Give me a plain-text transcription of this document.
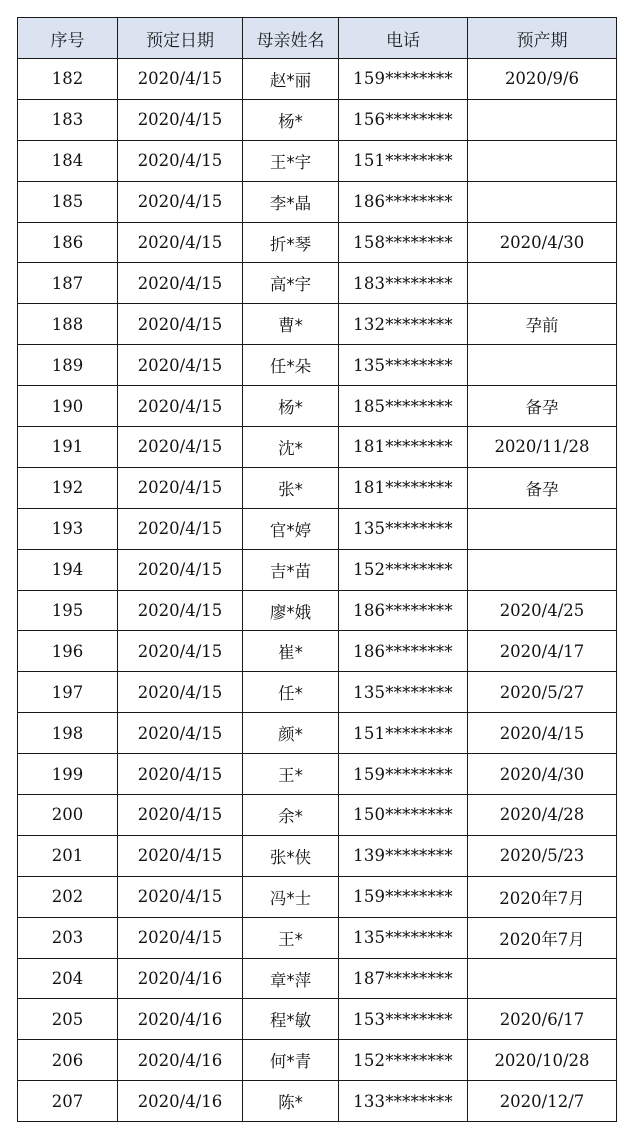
序号	预定日期	母亲姓名	电话	预产期
182	2020/4/15	赵*丽	159********	2020/9/6
183	2020/4/15	杨*	156********	
184	2020/4/15	王*宇	151********	
185	2020/4/15	李*晶	186********	
186	2020/4/15	折*琴	158********	2020/4/30
187	2020/4/15	高*宇	183********	
188	2020/4/15	曹*	132********	孕前
189	2020/4/15	任*朵	135********	
190	2020/4/15	杨*	185********	备孕
191	2020/4/15	沈*	181********	2020/11/28
192	2020/4/15	张*	181********	备孕
193	2020/4/15	官*婷	135********	
194	2020/4/15	吉*苗	152********	
195	2020/4/15	廖*娥	186********	2020/4/25
196	2020/4/15	崔*	186********	2020/4/17
197	2020/4/15	任*	135********	2020/5/27
198	2020/4/15	颜*	151********	2020/4/15
199	2020/4/15	王*	159********	2020/4/30
200	2020/4/15	余*	150********	2020/4/28
201	2020/4/15	张*侠	139********	2020/5/23
202	2020/4/15	冯*士	159********	2020年7月
203	2020/4/15	王*	135********	2020年7月
204	2020/4/16	章*萍	187********	
205	2020/4/16	程*敏	153********	2020/6/17
206	2020/4/16	何*青	152********	2020/10/28
207	2020/4/16	陈*	133********	2020/12/7
